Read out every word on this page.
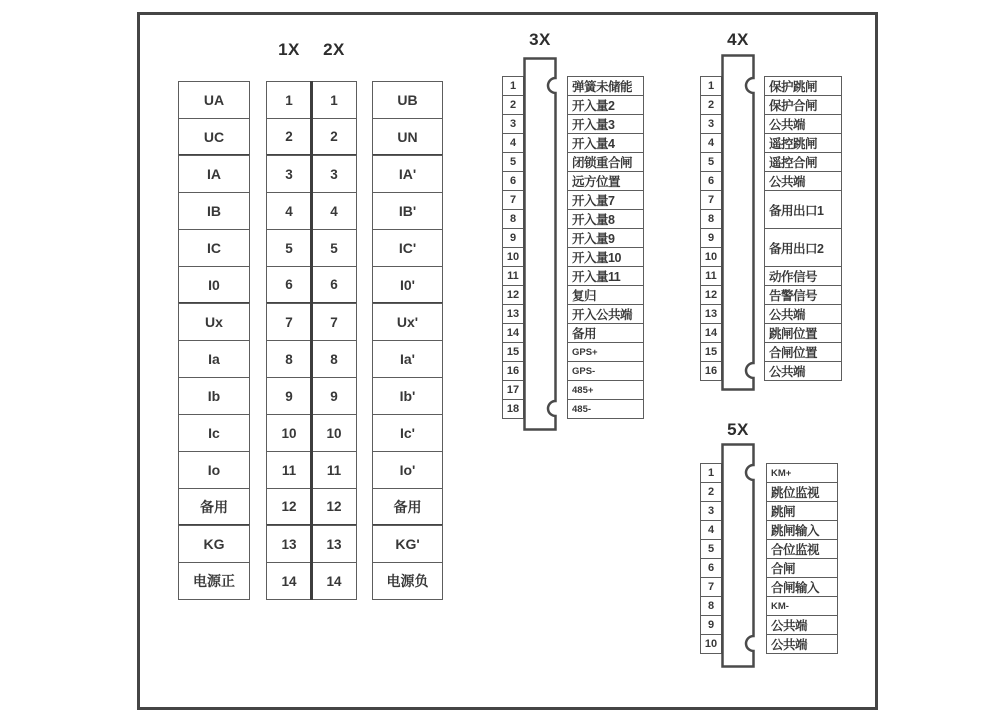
1X	2X
UA
UC
IA
IB
IC
I0
Ux
Ia
Ib
Ic
Io
备用
KG
电源正
1
2
3
4
5
6
7
8
9
10
11
12
13
14
1
2
3
4
5
6
7
8
9
10
11
12
13
14
UB
UN
IA'
IB'
IC'
I0'
Ux'
Ia'
Ib'
Ic'
Io'
备用
KG'
电源负
3X
1
2
3
4
5
6
7
8
9
10
11
12
13
14
15
16
17
18
弹簧未储能
开入量2
开入量3
开入量4
闭锁重合闸
远方位置
开入量7
开入量8
开入量9
开入量10
开入量11
复归
开入公共端
备用
GPS+
GPS-
485+
485-
4X
1
2
3
4
5
6
7
8
9
10
11
12
13
14
15
16
保护跳闸
保护合闸
公共端
遥控跳闸
遥控合闸
公共端
备用出口1
备用出口2
动作信号
告警信号
公共端
跳闸位置
合闸位置
公共端
5X
1
2
3
4
5
6
7
8
9
10
KM+
跳位监视
跳闸
跳闸输入
合位监视
合闸
合闸输入
KM-
公共端
公共端
